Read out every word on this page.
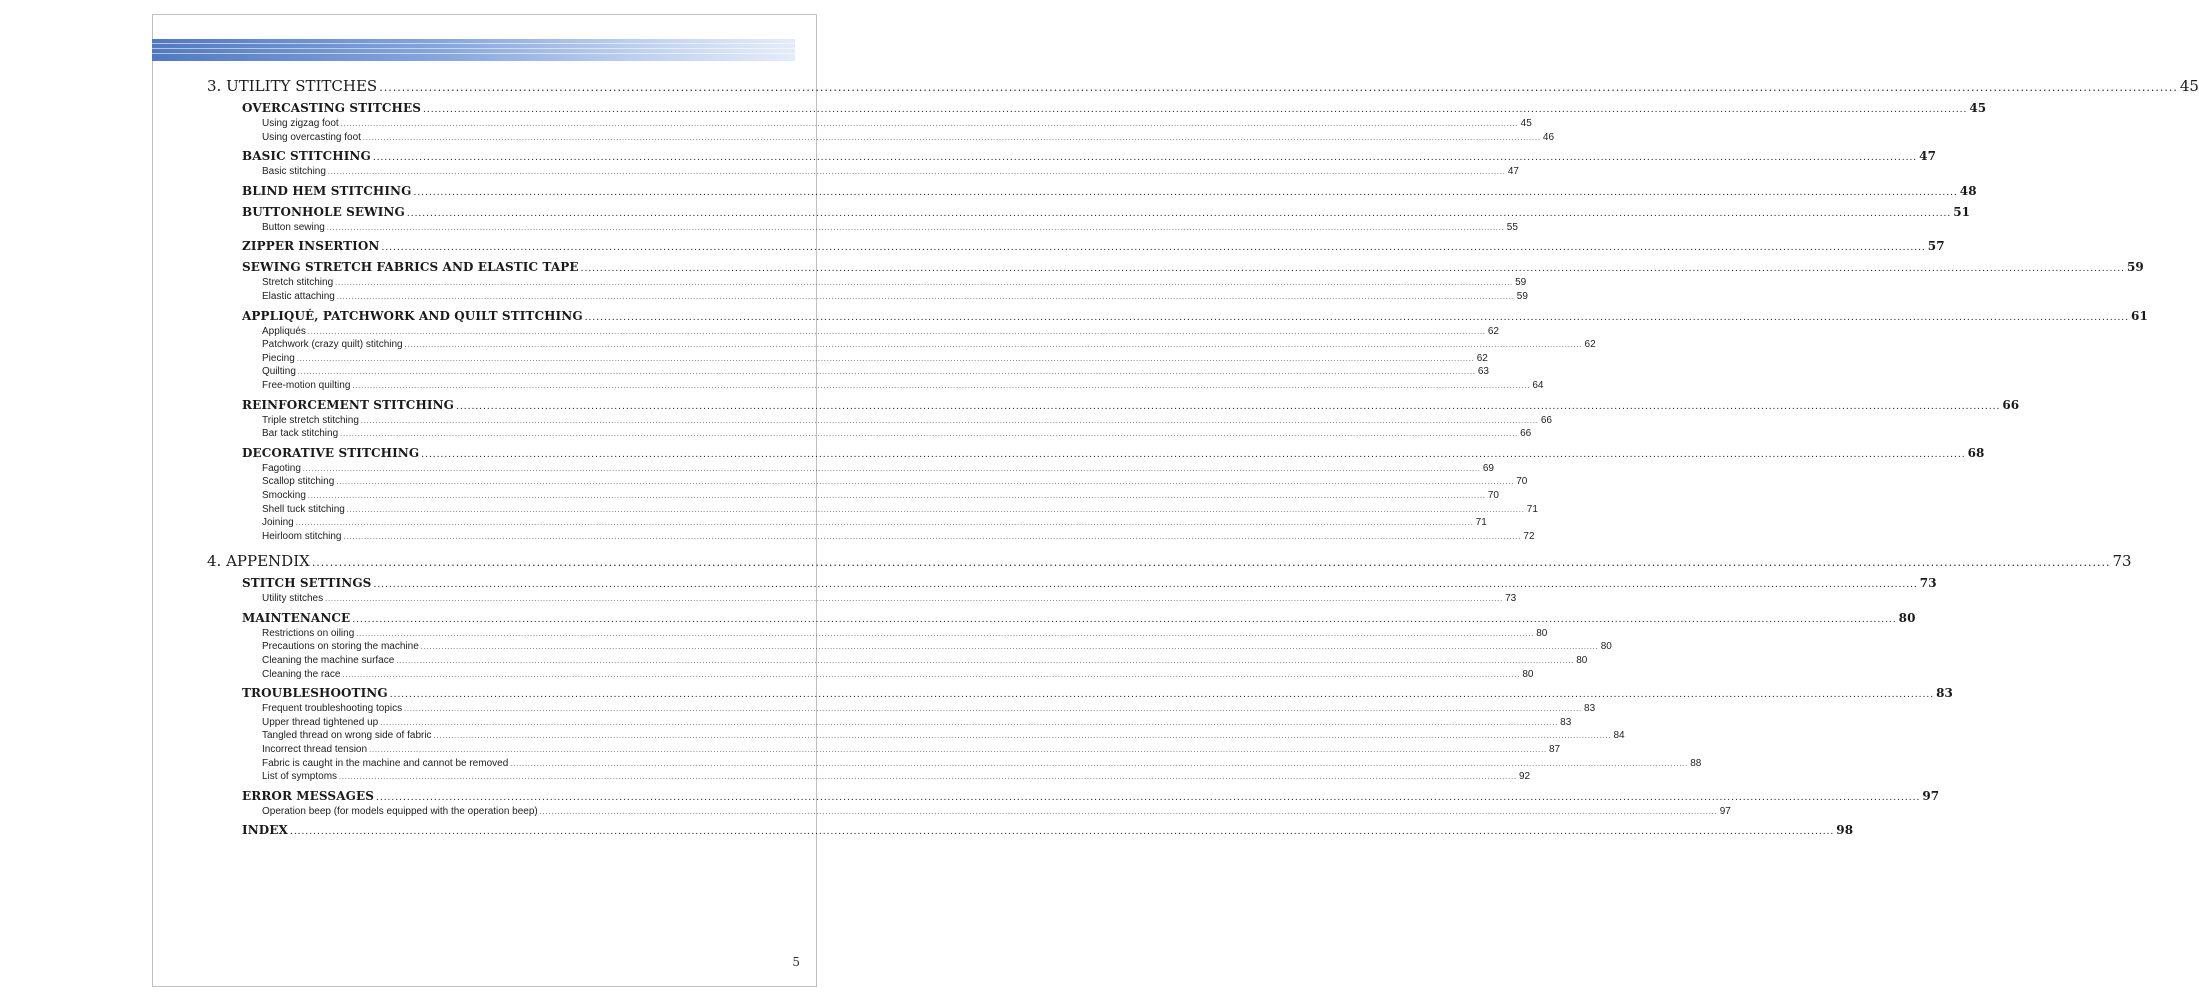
3. UTILITY STITCHES ................................................................................................................................................................................................................................................................................................................................................................................................................ 45
OVERCASTING STITCHES ................................................................................................................................................................................................................................................................................................................................................................................................................ 45
Using zigzag foot ................................................................................................................................................................................................................................................................................................................................................................................................................ 45
Using overcasting foot ................................................................................................................................................................................................................................................................................................................................................................................................................ 46
BASIC STITCHING ................................................................................................................................................................................................................................................................................................................................................................................................................ 47
Basic stitching ................................................................................................................................................................................................................................................................................................................................................................................................................ 47
BLIND HEM STITCHING ................................................................................................................................................................................................................................................................................................................................................................................................................ 48
BUTTONHOLE SEWING ................................................................................................................................................................................................................................................................................................................................................................................................................ 51
Button sewing ................................................................................................................................................................................................................................................................................................................................................................................................................ 55
ZIPPER INSERTION ................................................................................................................................................................................................................................................................................................................................................................................................................ 57
SEWING STRETCH FABRICS AND ELASTIC TAPE ................................................................................................................................................................................................................................................................................................................................................................................................................ 59
Stretch stitching ................................................................................................................................................................................................................................................................................................................................................................................................................ 59
Elastic attaching ................................................................................................................................................................................................................................................................................................................................................................................................................ 59
APPLIQUÉ, PATCHWORK AND QUILT STITCHING ................................................................................................................................................................................................................................................................................................................................................................................................................ 61
Appliqués ................................................................................................................................................................................................................................................................................................................................................................................................................ 62
Patchwork (crazy quilt) stitching ................................................................................................................................................................................................................................................................................................................................................................................................................ 62
Piecing ................................................................................................................................................................................................................................................................................................................................................................................................................ 62
Quilting ................................................................................................................................................................................................................................................................................................................................................................................................................ 63
Free-motion quilting ................................................................................................................................................................................................................................................................................................................................................................................................................ 64
REINFORCEMENT STITCHING ................................................................................................................................................................................................................................................................................................................................................................................................................ 66
Triple stretch stitching ................................................................................................................................................................................................................................................................................................................................................................................................................ 66
Bar tack stitching ................................................................................................................................................................................................................................................................................................................................................................................................................ 66
DECORATIVE STITCHING ................................................................................................................................................................................................................................................................................................................................................................................................................ 68
Fagoting ................................................................................................................................................................................................................................................................................................................................................................................................................ 69
Scallop stitching ................................................................................................................................................................................................................................................................................................................................................................................................................ 70
Smocking ................................................................................................................................................................................................................................................................................................................................................................................................................ 70
Shell tuck stitching ................................................................................................................................................................................................................................................................................................................................................................................................................ 71
Joining ................................................................................................................................................................................................................................................................................................................................................................................................................ 71
Heirloom stitching ................................................................................................................................................................................................................................................................................................................................................................................................................ 72
4. APPENDIX ................................................................................................................................................................................................................................................................................................................................................................................................................ 73
STITCH SETTINGS ................................................................................................................................................................................................................................................................................................................................................................................................................ 73
Utility stitches ................................................................................................................................................................................................................................................................................................................................................................................................................ 73
MAINTENANCE ................................................................................................................................................................................................................................................................................................................................................................................................................ 80
Restrictions on oiling ................................................................................................................................................................................................................................................................................................................................................................................................................ 80
Precautions on storing the machine ................................................................................................................................................................................................................................................................................................................................................................................................................ 80
Cleaning the machine surface ................................................................................................................................................................................................................................................................................................................................................................................................................ 80
Cleaning the race ................................................................................................................................................................................................................................................................................................................................................................................................................ 80
TROUBLESHOOTING ................................................................................................................................................................................................................................................................................................................................................................................................................ 83
Frequent troubleshooting topics ................................................................................................................................................................................................................................................................................................................................................................................................................ 83
Upper thread tightened up ................................................................................................................................................................................................................................................................................................................................................................................................................ 83
Tangled thread on wrong side of fabric ................................................................................................................................................................................................................................................................................................................................................................................................................ 84
Incorrect thread tension ................................................................................................................................................................................................................................................................................................................................................................................................................ 87
Fabric is caught in the machine and cannot be removed ................................................................................................................................................................................................................................................................................................................................................................................................................ 88
List of symptoms ................................................................................................................................................................................................................................................................................................................................................................................................................ 92
ERROR MESSAGES ................................................................................................................................................................................................................................................................................................................................................................................................................ 97
Operation beep (for models equipped with the operation beep) ................................................................................................................................................................................................................................................................................................................................................................................................................ 97
INDEX ................................................................................................................................................................................................................................................................................................................................................................................................................ 98
5
